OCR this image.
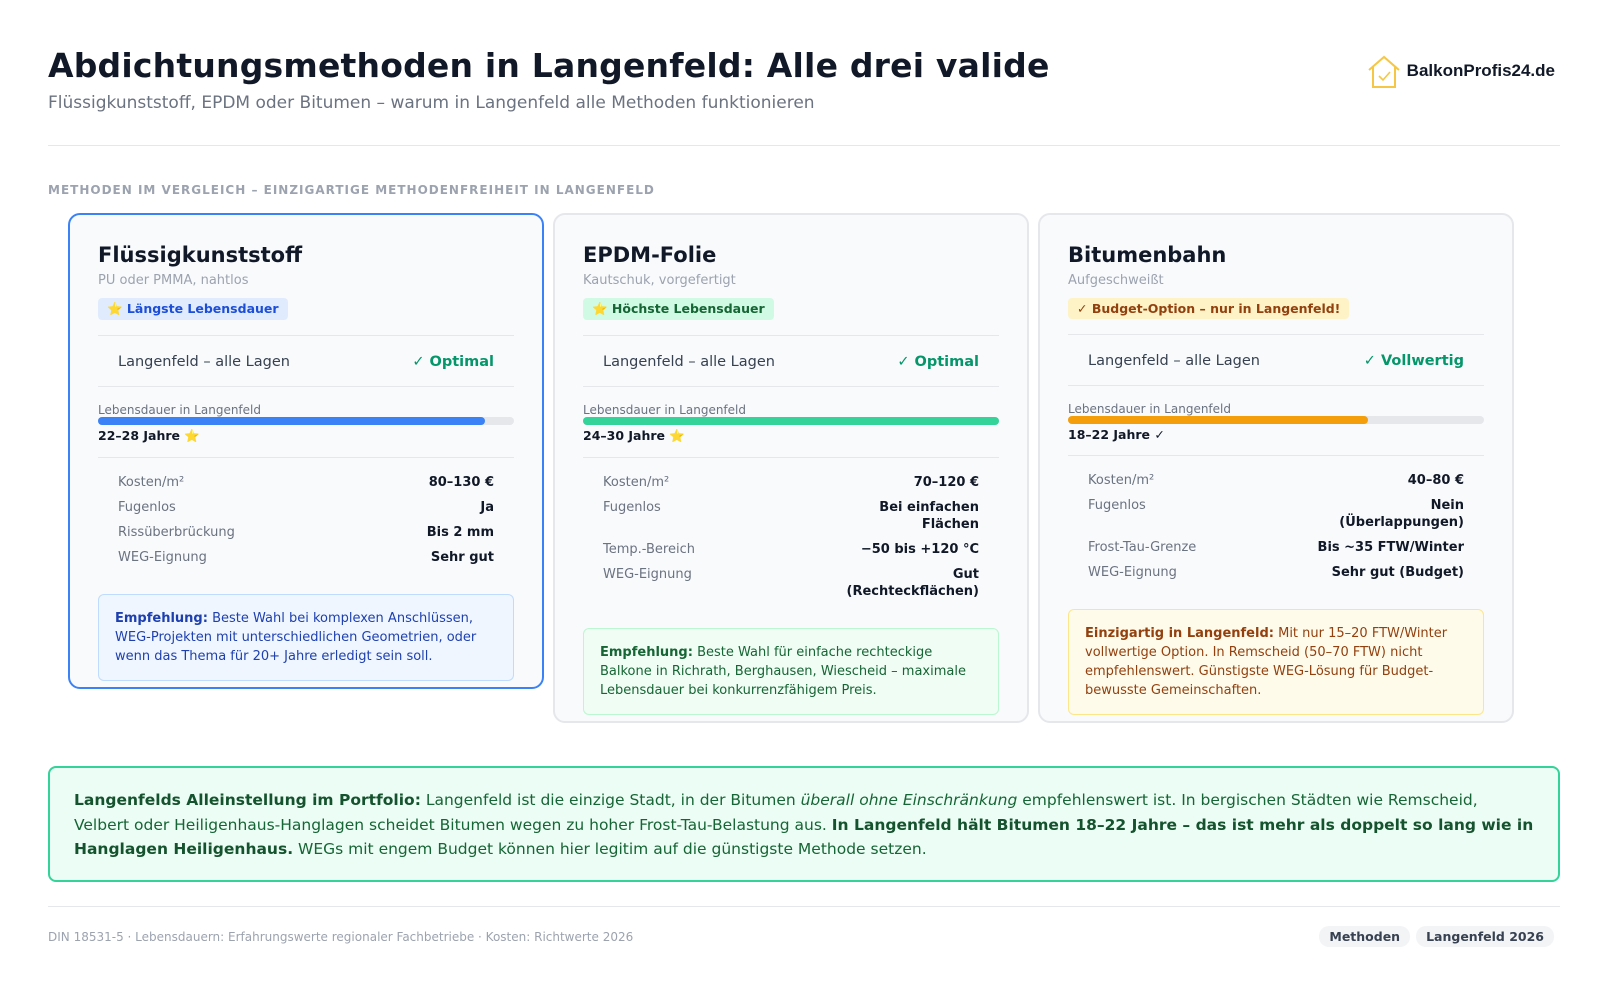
Abdichtungsmethoden in Langenfeld: Alle drei valide
Flüssigkunststoff, EPDM oder Bitumen – warum in Langenfeld alle Methoden funktionieren
BalkonProfis24.de
METHODEN IM VERGLEICH – EINZIGARTIGE METHODENFREIHEIT IN LANGENFELD
Flüssigkunststoff
PU oder PMMA, nahtlos
⭐ Längste Lebensdauer
Langenfeld – alle Lagen	✓ Optimal
Lebensdauer in Langenfeld
22–28 Jahre ⭐
Kosten/m²	80–130 €
Fugenlos	Ja
Rissüberbrückung	Bis 2 mm
WEG-Eignung	Sehr gut
Empfehlung: Beste Wahl bei komplexen Anschlüssen, WEG-Projekten mit unterschiedlichen Geometrien, oder wenn das Thema für 20+ Jahre erledigt sein soll.
EPDM-Folie
Kautschuk, vorgefertigt
⭐ Höchste Lebensdauer
Langenfeld – alle Lagen	✓ Optimal
Lebensdauer in Langenfeld
24–30 Jahre ⭐
Kosten/m²	70–120 €
Fugenlos	Bei einfachen Flächen
Temp.-Bereich	−50 bis +120 °C
WEG-Eignung	Gut (Rechteckflächen)
Empfehlung: Beste Wahl für einfache rechteckige Balkone in Richrath, Berghausen, Wiescheid – maximale Lebensdauer bei konkurrenzfähigem Preis.
Bitumenbahn
Aufgeschweißt
✓ Budget-Option – nur in Langenfeld!
Langenfeld – alle Lagen	✓ Vollwertig
Lebensdauer in Langenfeld
18–22 Jahre ✓
Kosten/m²	40–80 €
Fugenlos	Nein (Überlappungen)
Frost-Tau-Grenze	Bis ~35 FTW/Winter
WEG-Eignung	Sehr gut (Budget)
Einzigartig in Langenfeld: Mit nur 15–20 FTW/Winter vollwertige Option. In Remscheid (50–70 FTW) nicht empfehlenswert. Günstigste WEG-Lösung für Budget-bewusste Gemeinschaften.
Langenfelds Alleinstellung im Portfolio: Langenfeld ist die einzige Stadt, in der Bitumen überall ohne Einschränkung empfehlenswert ist. In bergischen Städten wie Remscheid, Velbert oder Heiligenhaus-Hanglagen scheidet Bitumen wegen zu hoher Frost-Tau-Belastung aus. In Langenfeld hält Bitumen 18–22 Jahre – das ist mehr als doppelt so lang wie in Hanglagen Heiligenhaus. WEGs mit engem Budget können hier legitim auf die günstigste Methode setzen.
DIN 18531-5 · Lebensdauern: Erfahrungswerte regionaler Fachbetriebe · Kosten: Richtwerte 2026	Methoden	Langenfeld 2026
